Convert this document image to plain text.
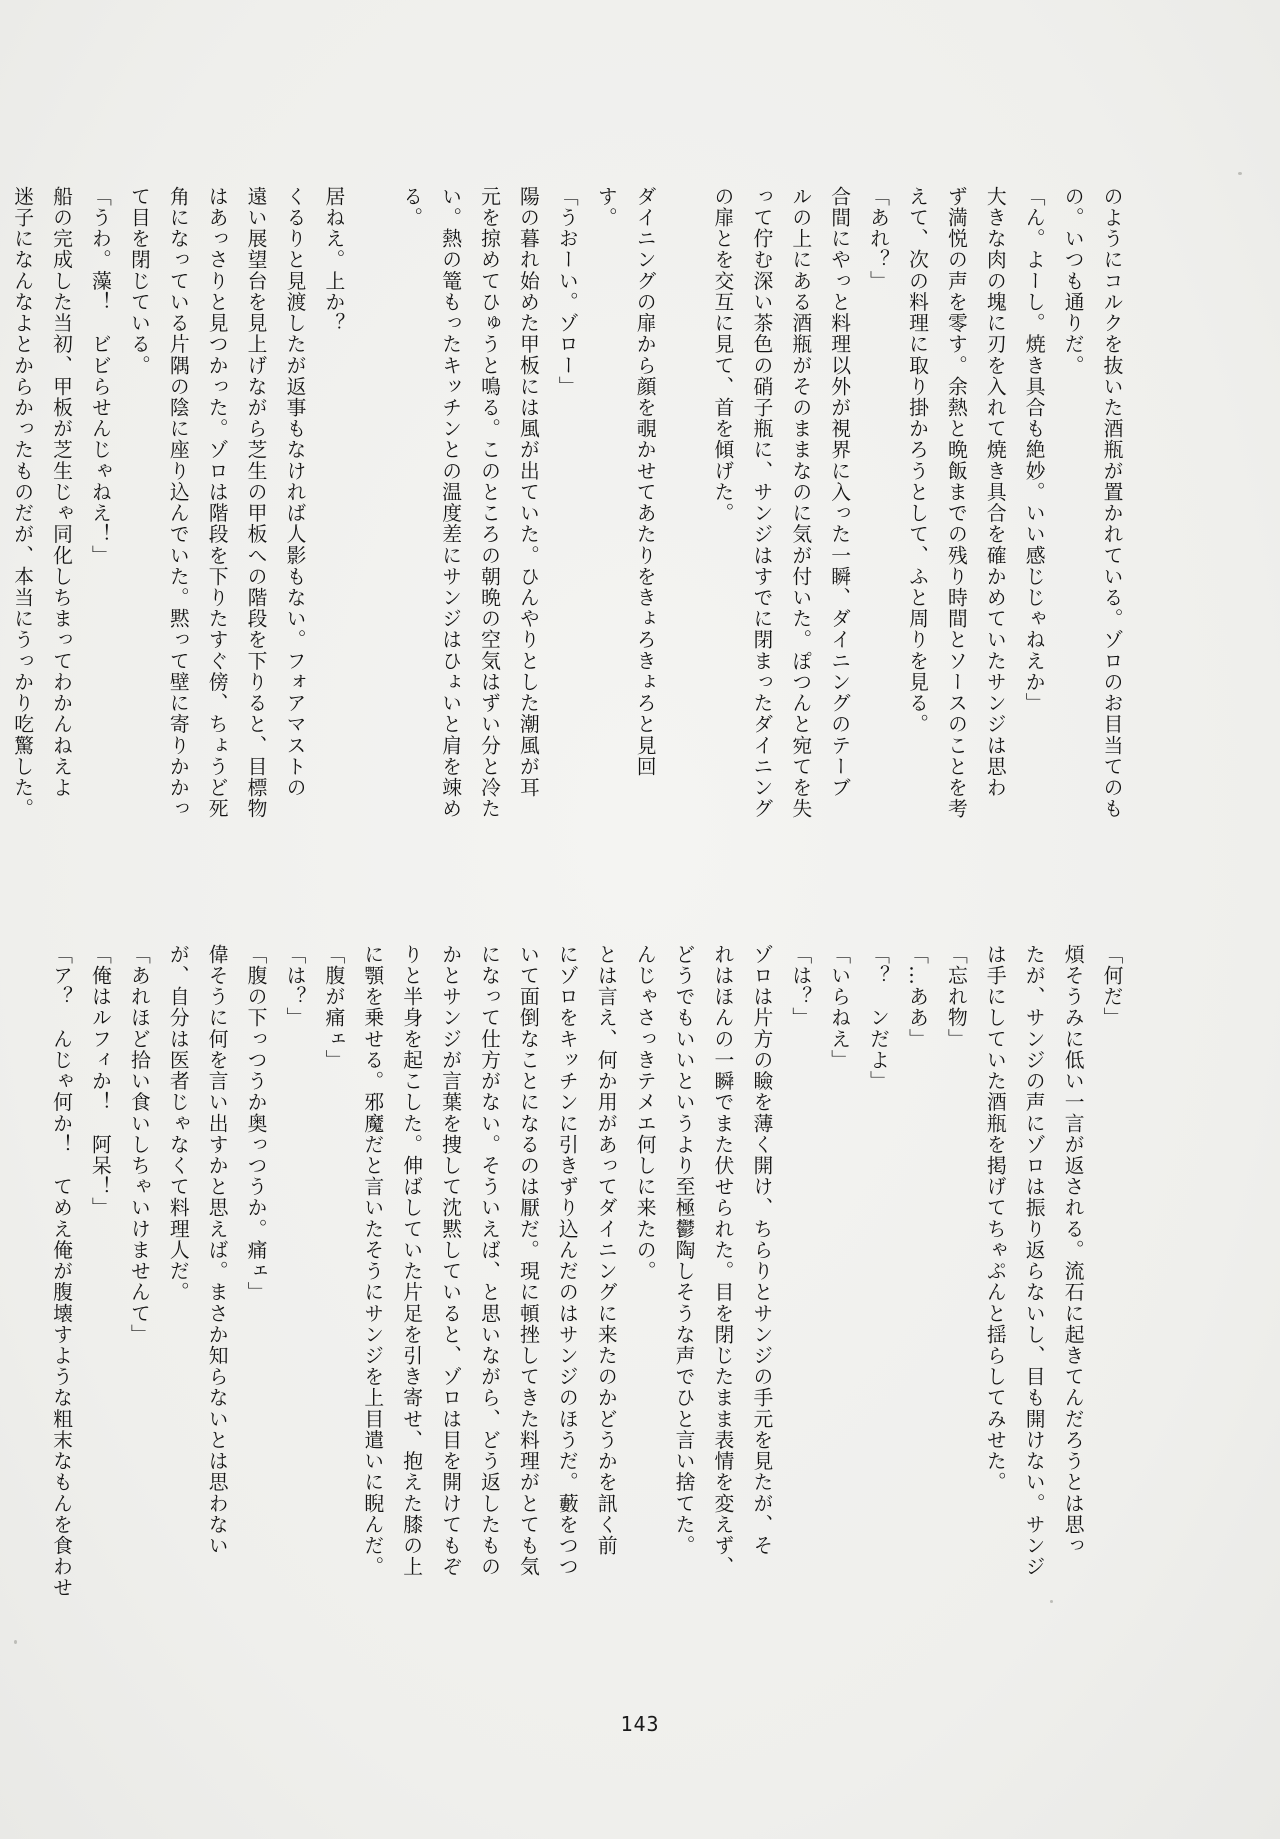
のようにコルクを抜いた酒瓶が置かれている。ゾロのお目当てのも
の。いつも通りだ。
「ん。よーし。焼き具合も絶妙。いい感じじゃねえか」
大きな肉の塊に刃を入れて焼き具合を確かめていたサンジは思わ
ず満悦の声を零す。余熱と晩飯までの残り時間とソースのことを考
えて、次の料理に取り掛かろうとして、ふと周りを見る。
「あれ？」
合間にやっと料理以外が視界に入った一瞬、ダイニングのテーブ
ルの上にある酒瓶がそのままなのに気が付いた。ぽつんと宛てを失
って佇む深い茶色の硝子瓶に、サンジはすでに閉まったダイニング
の扉とを交互に見て、首を傾げた。

ダイニングの扉から顔を覗かせてあたりをきょろきょろと見回
す。
「うおーい。ゾロー」
陽の暮れ始めた甲板には風が出ていた。ひんやりとした潮風が耳
元を掠めてひゅうと鳴る。このところの朝晩の空気はずい分と冷た
い。熱の篭もったキッチンとの温度差にサンジはひょいと肩を竦め
る。

居ねえ。上か？
くるりと見渡したが返事もなければ人影もない。フォアマストの
遠い展望台を見上げながら芝生の甲板への階段を下りると、目標物
はあっさりと見つかった。ゾロは階段を下りたすぐ傍、ちょうど死
角になっている片隅の陰に座り込んでいた。黙って壁に寄りかかっ
て目を閉じている。
「うわ。藻！　ビビらせんじゃねえ！」
船の完成した当初、甲板が芝生じゃ同化しちまってわかんねえよ
迷子になんなよとからかったものだが、本当にうっかり吃驚した。
「何だ」
煩そうみに低い一言が返される。流石に起きてんだろうとは思っ
たが、サンジの声にゾロは振り返らないし、目も開けない。サンジ
は手にしていた酒瓶を掲げてちゃぷんと揺らしてみせた。
「忘れ物」
「…ああ」
「？　ンだよ」
「いらねえ」
「は？」
ゾロは片方の瞼を薄く開け、ちらりとサンジの手元を見たが、そ
れはほんの一瞬でまた伏せられた。目を閉じたまま表情を変えず、
どうでもいいというより至極鬱陶しそうな声でひと言い捨てた。
んじゃさっきテメエ何しに来たの。
とは言え、何か用があってダイニングに来たのかどうかを訊く前
にゾロをキッチンに引きずり込んだのはサンジのほうだ。藪をつつ
いて面倒なことになるのは厭だ。現に頓挫してきた料理がとても気
になって仕方がない。そういえば、と思いながら、どう返したもの
かとサンジが言葉を捜して沈黙していると、ゾロは目を開けてもぞ
りと半身を起こした。伸ばしていた片足を引き寄せ、抱えた膝の上
に顎を乗せる。邪魔だと言いたそうにサンジを上目遣いに睨んだ。
「腹が痛ェ」
「は？」
「腹の下っつうか奥っつうか。痛ェ」
偉そうに何を言い出すかと思えば。まさか知らないとは思わない
が、自分は医者じゃなくて料理人だ。
「あれほど拾い食いしちゃいけませんて」
「俺はルフィか！　阿呆！」
「ア？　んじゃ何か！　てめえ俺が腹壊すような粗末なもんを食わせ
143
